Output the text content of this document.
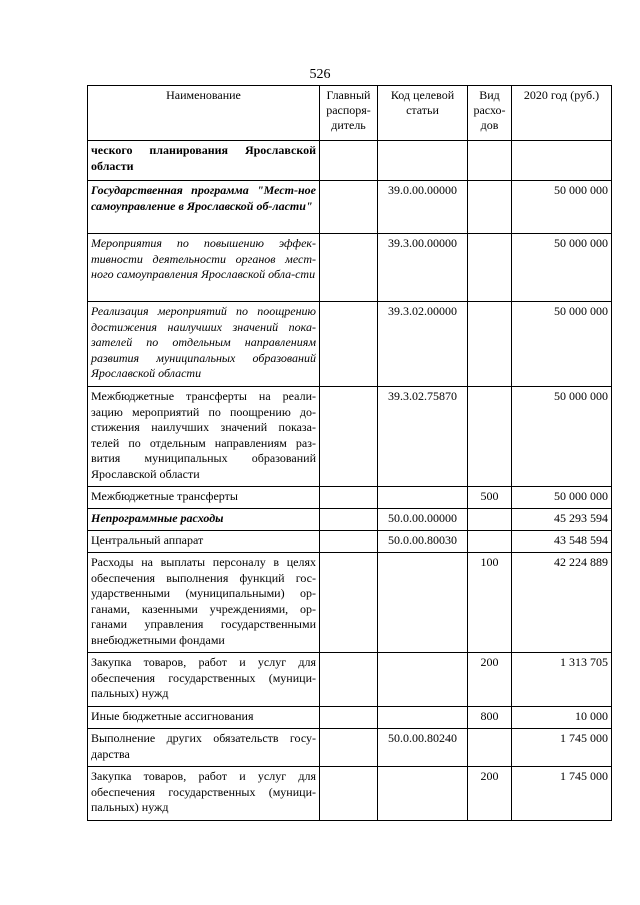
526
Наименование	Главный распоря-дитель	Код целевой статьи	Вид расхо-дов	2020 год (руб.)
ческого планирования Ярославской области				
Государственная программа "Мест-ное самоуправление в Ярославской об-ласти"		39.0.00.00000		50 000 000
Мероприятия по повышению эффек-тивности деятельности органов мест-ного самоуправления Ярославской обла-сти		39.3.00.00000		50 000 000
Реализация мероприятий по поощрению достижения наилучших значений пока-зателей по отдельным направлениям развития муниципальных образований Ярославской области		39.3.02.00000		50 000 000
Межбюджетные трансферты на реали-зацию мероприятий по поощрению до-стижения наилучших значений показа-телей по отдельным направлениям раз-вития муниципальных образований Ярославской области		39.3.02.75870		50 000 000
Межбюджетные трансферты			500	50 000 000
Непрограммные расходы		50.0.00.00000		45 293 594
Центральный аппарат		50.0.00.80030		43 548 594
Расходы на выплаты персоналу в целях обеспечения выполнения функций гос-ударственными (муниципальными) ор-ганами, казенными учреждениями, ор-ганами управления государственными внебюджетными фондами			100	42 224 889
Закупка товаров, работ и услуг для обеспечения государственных (муници-пальных) нужд			200	1 313 705
Иные бюджетные ассигнования			800	10 000
Выполнение других обязательств госу-дарства		50.0.00.80240		1 745 000
Закупка товаров, работ и услуг для обеспечения государственных (муници-пальных) нужд			200	1 745 000
